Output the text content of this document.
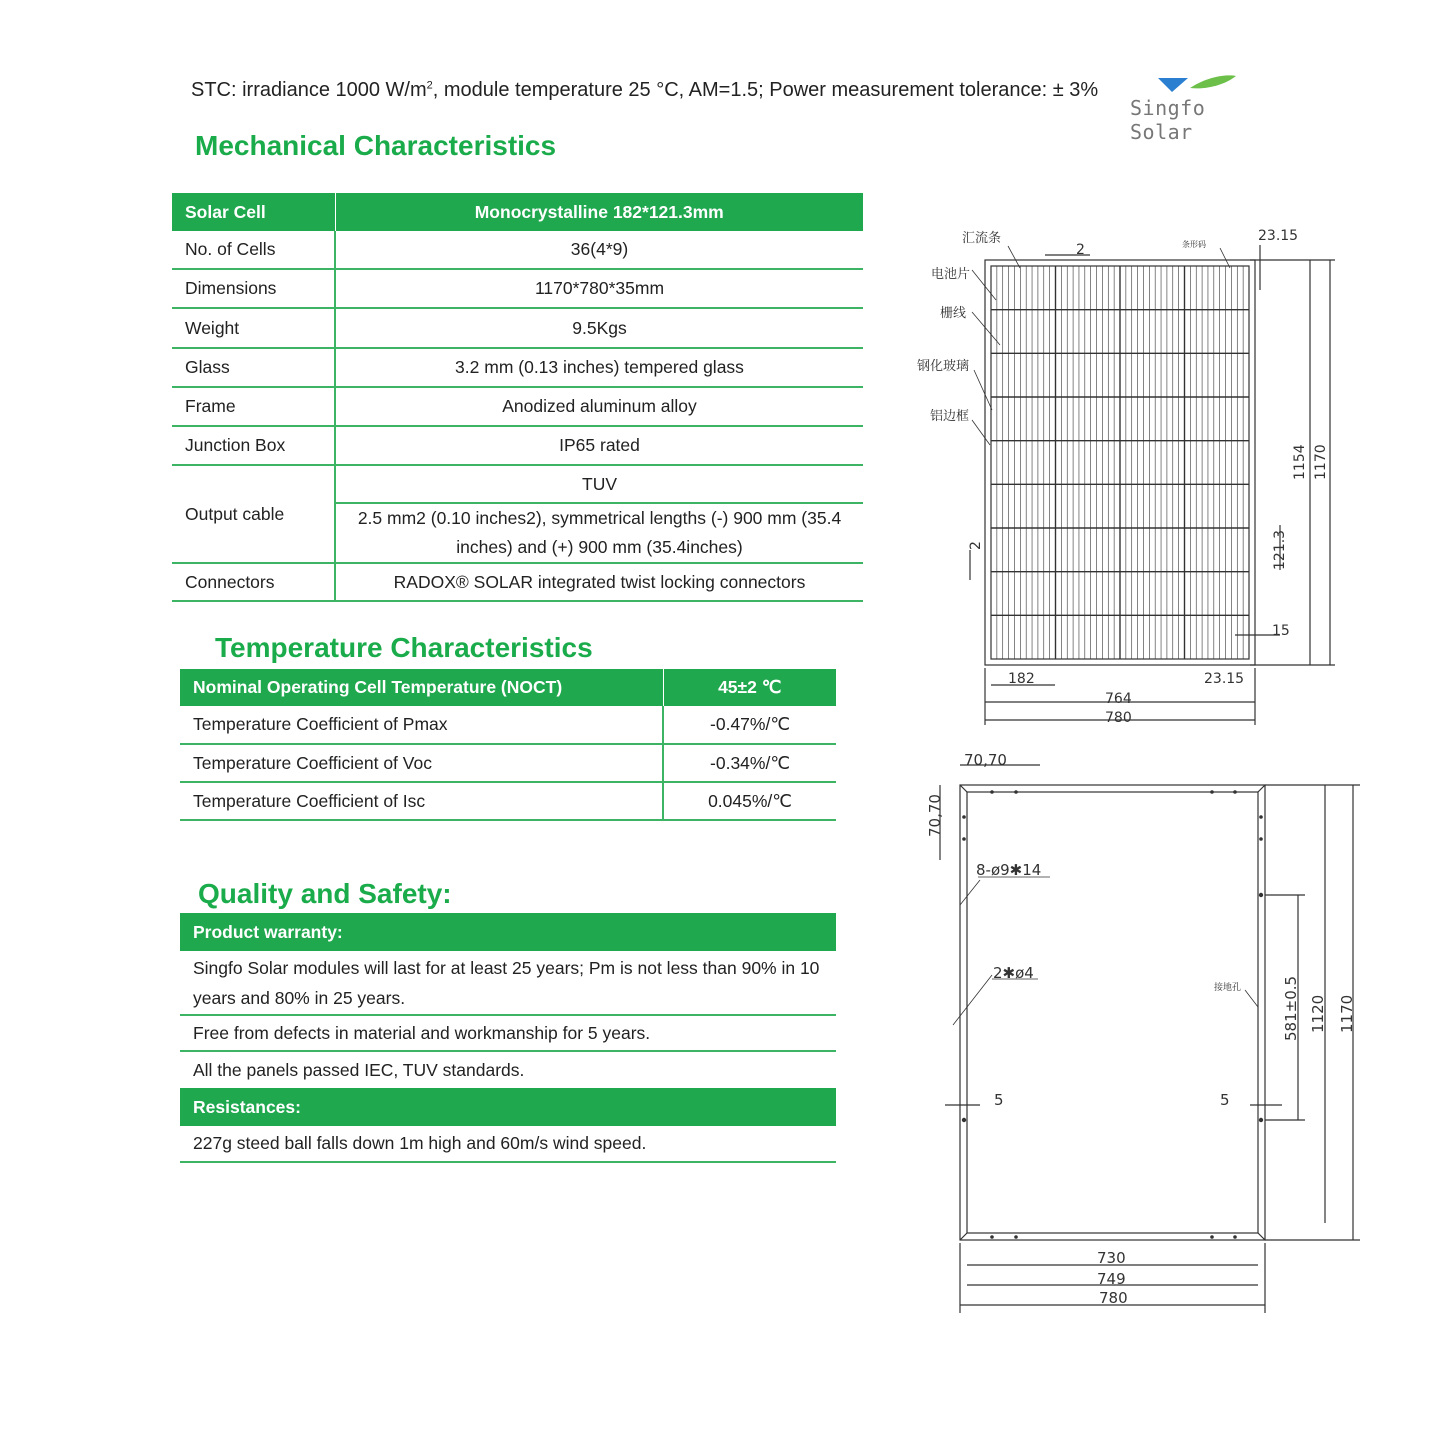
STC: irradiance 1000 $W/m^2$, module temperature 25 °C, AM=1.5; Power measurement tolerance: ± 3%
Singfo Solar
Mechanical Characteristics
Solar Cell	Monocrystalline 182*121.3mm
No. of Cells	36(4*9)
Dimensions	1170*780*35mm
Weight	9.5Kgs
Glass	3.2 mm (0.13 inches) tempered glass
Frame	Anodized aluminum alloy
Junction Box	IP65 rated
Output cable	TUV
	2.5 mm2 (0.10 inches2), symmetrical lengths (-) 900 mm (35.4 inches) and (+) 900 mm (35.4inches)
Connectors	RADOX® SOLAR integrated twist locking connectors
Temperature Characteristics
Nominal Operating Cell Temperature (NOCT)	45±2 ℃
Temperature Coefficient of Pmax	-0.47%/℃
Temperature Coefficient of Voc	-0.34%/℃
Temperature Coefficient of Isc	0.045%/℃
Quality and Safety:
Product warranty:
Singfo Solar modules will last for at least 25 years; Pm is not less than 90% in 10 years and 80% in 25 years.
Free from defects in material and workmanship for 5 years.
All the panels passed IEC, TUV standards.
Resistances:
227g steed ball falls down 1m high and 60m/s wind speed.
汇流条
电池片
栅线
钢化玻璃
铝边框
条形码
2
23.15
1154 1170
121.3
2
15
182	23.15
764
780
70,70
70,70
8-ø9✱14
2✱ø4
接地孔
5	5
581±0.5 1120 1170
730
749
780
